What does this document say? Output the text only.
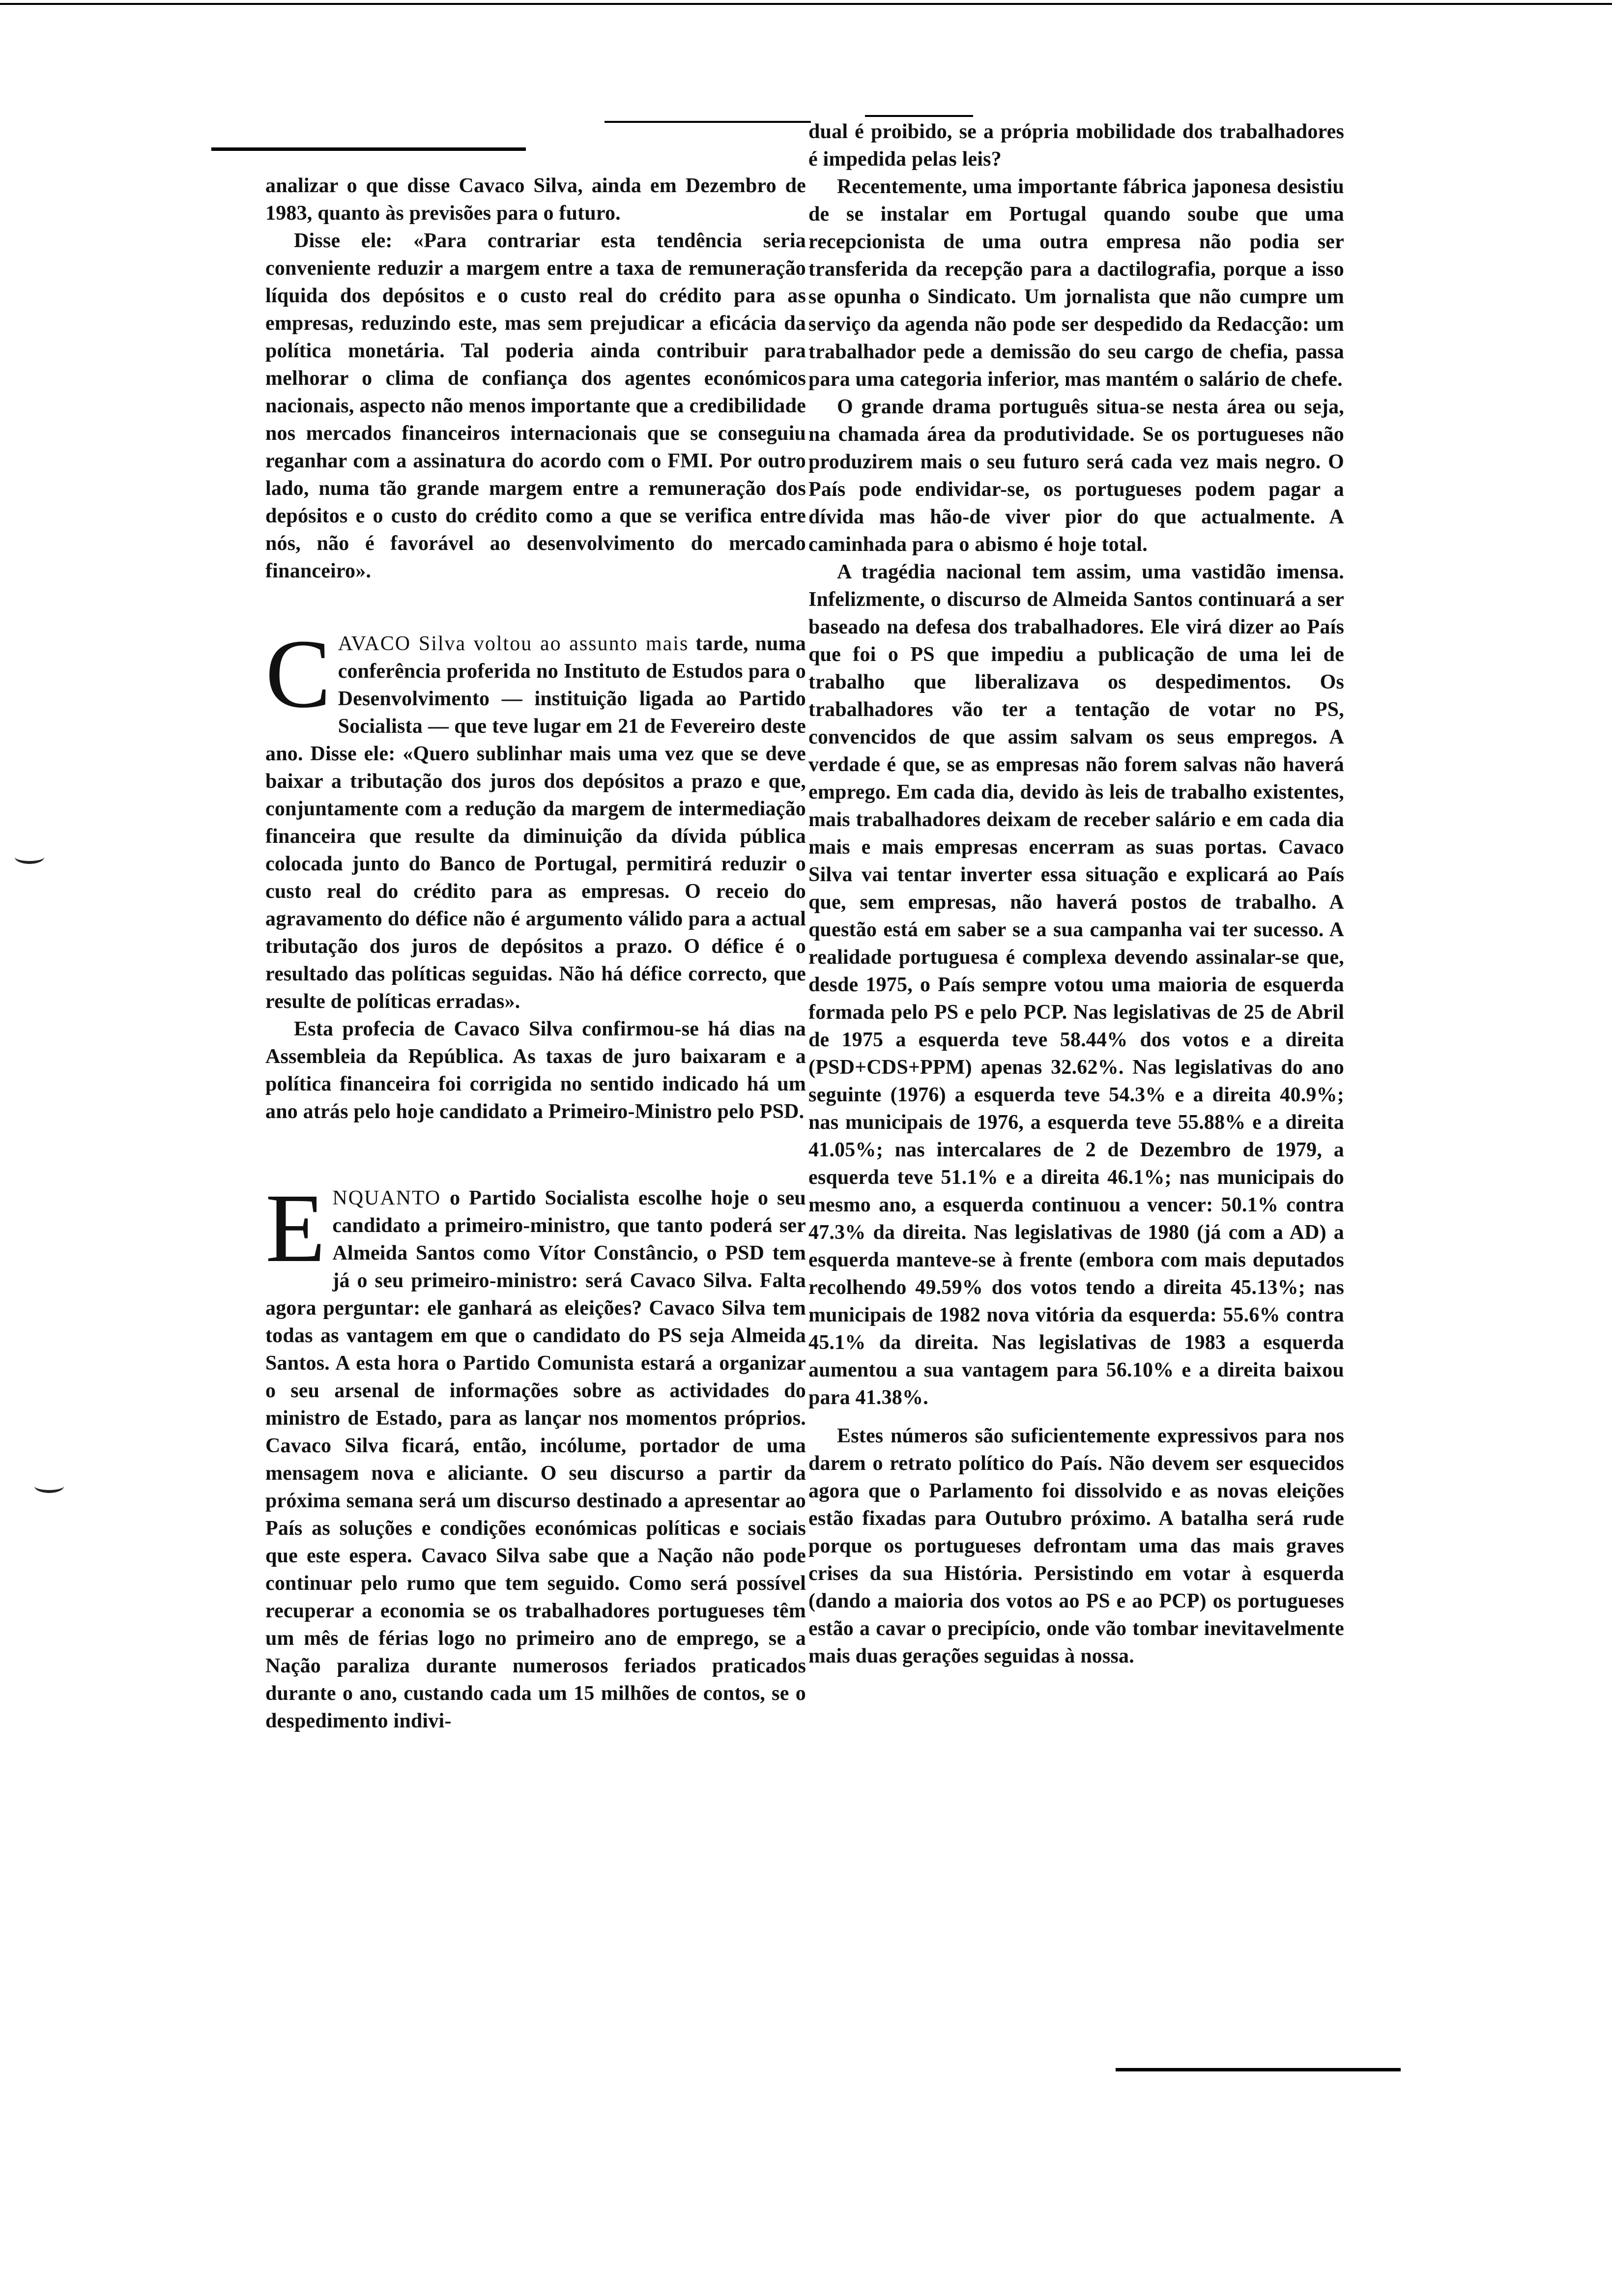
analizar o que disse Cavaco Silva, ainda em Dezembro de 1983, quanto às previsões para o futuro.

Disse ele: «Para contrariar esta tendência seria conveniente reduzir a margem entre a taxa de remuneração líquida dos depósitos e o custo real do crédito para as empresas, reduzindo este, mas sem prejudicar a eficácia da política monetária. Tal poderia ainda contribuir para melhorar o clima de confiança dos agentes económicos nacionais, aspecto não menos importante que a credibilidade nos mercados financeiros internacionais que se conseguiu reganhar com a assinatura do acordo com o FMI. Por outro lado, numa tão grande margem entre a remuneração dos depósitos e o custo do crédito como a que se verifica entre nós, não é favorável ao desenvolvimento do mercado financeiro».

CAVACO Silva voltou ao assunto mais tarde, numa conferência proferida no Instituto de Estudos para o Desenvolvimento — instituição ligada ao Partido Socialista — que teve lugar em 21 de Fevereiro deste ano. Disse ele: «Quero sublinhar mais uma vez que se deve baixar a tributação dos juros dos depósitos a prazo e que, conjuntamente com a redução da margem de intermediação financeira que resulte da diminuição da dívida pública colocada junto do Banco de Portugal, permitirá reduzir o custo real do crédito para as empresas. O receio do agravamento do défice não é argumento válido para a actual tributação dos juros de depósitos a prazo. O défice é o resultado das políticas seguidas. Não há défice correcto, que resulte de políticas erradas».

Esta profecia de Cavaco Silva confirmou-se há dias na Assembleia da República. As taxas de juro baixaram e a política financeira foi corrigida no sentido indicado há um ano atrás pelo hoje candidato a Primeiro-Ministro pelo PSD.

ENQUANTO o Partido Socialista escolhe hoje o seu candidato a primeiro-ministro, que tanto poderá ser Almeida Santos como Vítor Constâncio, o PSD tem já o seu primeiro-ministro: será Cavaco Silva. Falta agora perguntar: ele ganhará as eleições? Cavaco Silva tem todas as vantagem em que o candidato do PS seja Almeida Santos. A esta hora o Partido Comunista estará a organizar o seu arsenal de informações sobre as actividades do ministro de Estado, para as lançar nos momentos próprios. Cavaco Silva ficará, então, incólume, portador de uma mensagem nova e aliciante. O seu discurso a partir da próxima semana será um discurso destinado a apresentar ao País as soluções e condições económicas políticas e sociais que este espera. Cavaco Silva sabe que a Nação não pode continuar pelo rumo que tem seguido. Como será possível recuperar a economia se os trabalhadores portugueses têm um mês de férias logo no primeiro ano de emprego, se a Nação paraliza durante numerosos feriados praticados durante o ano, custando cada um 15 milhões de contos, se o despedimento indivi-

dual é proibido, se a própria mobilidade dos trabalhadores é impedida pelas leis?

Recentemente, uma importante fábrica japonesa desistiu de se instalar em Portugal quando soube que uma recepcionista de uma outra empresa não podia ser transferida da recepção para a dactilografia, porque a isso se opunha o Sindicato. Um jornalista que não cumpre um serviço da agenda não pode ser despedido da Redacção: um trabalhador pede a demissão do seu cargo de chefia, passa para uma categoria inferior, mas mantém o salário de chefe.

O grande drama português situa-se nesta área ou seja, na chamada área da produtividade. Se os portugueses não produzirem mais o seu futuro será cada vez mais negro. O País pode endividar-se, os portugueses podem pagar a dívida mas hão-de viver pior do que actualmente. A caminhada para o abismo é hoje total.

A tragédia nacional tem assim, uma vastidão imensa. Infelizmente, o discurso de Almeida Santos continuará a ser baseado na defesa dos trabalhadores. Ele virá dizer ao País que foi o PS que impediu a publicação de uma lei de trabalho que liberalizava os despedimentos. Os trabalhadores vão ter a tentação de votar no PS, convencidos de que assim salvam os seus empregos. A verdade é que, se as empresas não forem salvas não haverá emprego. Em cada dia, devido às leis de trabalho existentes, mais trabalhadores deixam de receber salário e em cada dia mais e mais empresas encerram as suas portas. Cavaco Silva vai tentar inverter essa situação e explicará ao País que, sem empresas, não haverá postos de trabalho. A questão está em saber se a sua campanha vai ter sucesso. A realidade portuguesa é complexa devendo assinalar-se que, desde 1975, o País sempre votou uma maioria de esquerda formada pelo PS e pelo PCP. Nas legislativas de 25 de Abril de 1975 a esquerda teve 58.44% dos votos e a direita (PSD+CDS+PPM) apenas 32.62%. Nas legislativas do ano seguinte (1976) a esquerda teve 54.3% e a direita 40.9%; nas municipais de 1976, a esquerda teve 55.88% e a direita 41.05%; nas intercalares de 2 de Dezembro de 1979, a esquerda teve 51.1% e a direita 46.1%; nas municipais do mesmo ano, a esquerda continuou a vencer: 50.1% contra 47.3% da direita. Nas legislativas de 1980 (já com a AD) a esquerda manteve-se à frente (embora com mais deputados recolhendo 49.59% dos votos tendo a direita 45.13%; nas municipais de 1982 nova vitória da esquerda: 55.6% contra 45.1% da direita. Nas legislativas de 1983 a esquerda aumentou a sua vantagem para 56.10% e a direita baixou para 41.38%.

Estes números são suficientemente expressivos para nos darem o retrato político do País. Não devem ser esquecidos agora que o Parlamento foi dissolvido e as novas eleições estão fixadas para Outubro próximo. A batalha será rude porque os portugueses defrontam uma das mais graves crises da sua História. Persistindo em votar à esquerda (dando a maioria dos votos ao PS e ao PCP) os portugueses estão a cavar o precipício, onde vão tombar inevitavelmente mais duas gerações seguidas à nossa.
